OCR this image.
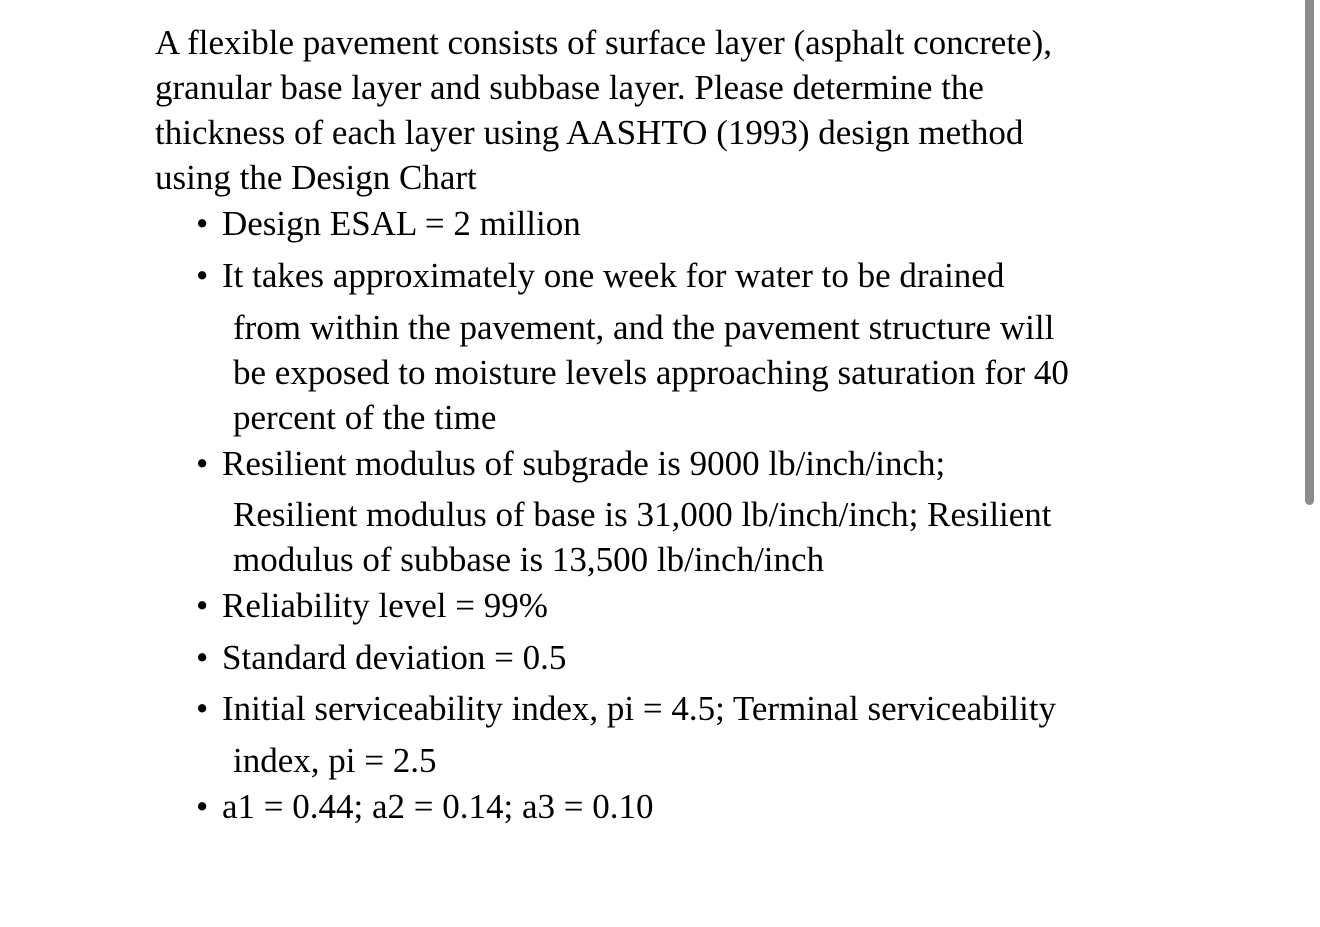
A flexible pavement consists of surface layer (asphalt concrete),
granular base layer and subbase layer. Please determine the
thickness of each layer using AASHTO (1993) design method
using the Design Chart

• Design ESAL = 2 million
• It takes approximately one week for water to be drained
from within the pavement, and the pavement structure will
be exposed to moisture levels approaching saturation for 40
percent of the time
• Resilient modulus of subgrade is 9000 lb/inch/inch;
Resilient modulus of base is 31,000 lb/inch/inch; Resilient
modulus of subbase is 13,500 lb/inch/inch
• Reliability level = 99%
• Standard deviation = 0.5
• Initial serviceability index, pi = 4.5; Terminal serviceability
index, pi = 2.5
• a1 = 0.44; a2 = 0.14; a3 = 0.10
